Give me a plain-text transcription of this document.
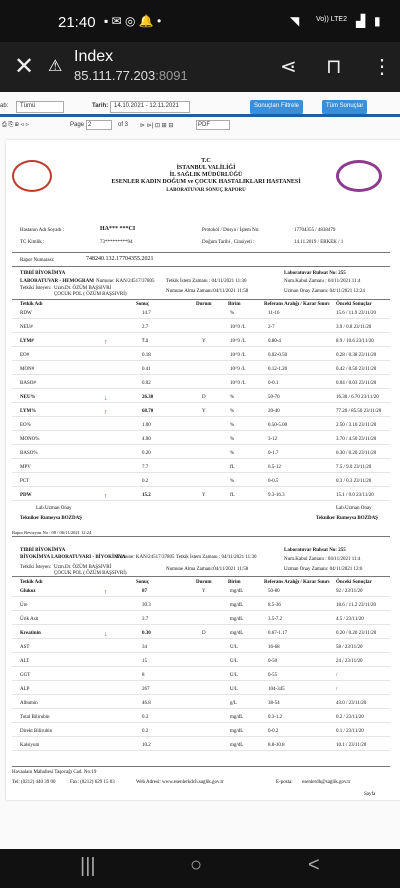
21:40 ▪ ✉ ◎ 🔔 •	◥ Vo)) LTE2 ▟ ▮
✕ ⚠
Index
85.111.77.203:8091	⋖ ⊓ ⋮
ab:	Tümü	Tarih: 14.10.2021 - 12.11.2021	Sonuçları Filtrele	Tüm Sonuçlar
⎙ ⎘ ⊞ ⊲ ⊳	Page 2	of 3 ⊳ ⊳| ⊡ ⊞ ⊟	PDF
T.C
İSTANBUL VALİLİĞİ
İL SAĞLIK MÜDÜRLÜĞÜ
ESENLER KADIN DOĞUM ve ÇOCUK HASTALIKLARI HASTANESİ
LABORATUVAR SONUÇ RAPORU
Hastanın Adı Soyadı :	HA*** ***CI
TC Kimlik :	73*********94
Protokol / Dosya / İşlem No:	17704355 / 4838479
Doğum Tarihi , Cinsiyeti :	14.11.2019 / ERKEK / 1
Rapor Numarası:	748240.132.17704355.2021
TIBBİ BİYOKİMYA
LABORATUVAR - HEMOGRAM Numune: KAN/24517/37805 Tetkik İstem Zamanı : 04/11/2021 11:30
Tetkiki İsteyen: Uzm.Dr. ÖZÜM BAŞSIVRİ
ÇOCUK POL ( ÖZÜM BAŞSIVRİ)
Numune Alma Zamanı:04/11/2021 11:58
Laboratuvar Ruhsat No: 255
Num.Kabul Zamanı : 04/11/2021 11:4
Uzman Onay Zamanı: 04/11/2021 12:24
Tetkik Adı	Sonuç	Durum	Birim	Referans Aralığı / Karar Sınırı Önceki Sonuçlar
RDW	14.7	%	11-16	15.6 / 11.9 23/11/20
NEU#	2.7	10^9 /L	2-7	3.9 / 0.8 23/11/20
LYM#	7.1	Y	10^9 /L	0.80-4	8.9 / 10.6 23/11/20
↑
EO#	0.18	10^9 /L	0.02-0.50	0.28 / 0.38 23/11/20
MON#	0.41	10^9 /L	0.12-1.20	0.42 / 0.56 23/11/20
BASO#	0.02	10^9 /L	0-0.1	0.04 / 0.03 23/11/20
NEU%	26.30	D	%	50-70	16.30 / 6.70 23/11/20
↓
LYM%	68.70	Y	%	20-40	77.20 / 85.50 23/11/20
↑
EO%	1.00	%	0.50-5.00	2.50 / 3.10 23/11/20
MONO%	4.00	%	3-12	3.70 / 4.50 23/11/20
BASO%	0.20	%	0-1.7	0.30 / 0.20 23/11/20
MPV	7.7	fL	6.5-12	7.5 / 9.0 23/11/20
PCT	0.2	%	0-0.5	0.3 / 0.3 23/11/20
PDW	15.2	Y	fL	9.3-16.3	15.1 / 9.0 23/11/20
↑
Lab.Uzman Onay
Tekniker Rumeysa BOZDAŞ
Lab.Uzman Onay
Tekniker Rumeysa BOZDAŞ
Rapor Revizyon No : 08 / 06/11/2021 12:24
TIBBİ BİYOKİMYA
BİYOKİMYA LABORATUVARI - BİYOKİMYA
Numune: KAN/24517/37805 Tetkik İstem Zamanı : 04/11/2021 11:30
Tetkiki İsteyen: Uzm.Dr. ÖZÜM BAŞSIVRİ
ÇOCUK POL ( ÖZÜM BAŞSIVRİ)
Numune Alma Zamanı:04/11/2021 11:58
Laboratuvar Ruhsat No: 255
Num.Kabul Zamanı : 04/11/2021 11:4
Uzman Onay Zamanı: 04/11/2021 12:0
Tetkik Adı	Sonuç	Durum	Birim	Referans Aralığı / Karar Sınırı Önceki Sonuçlar
Glukoz	87	Y	mg/dL	50-80	92 / 23/11/20
↑
Üre	30.3	mg/dL	8.5-36	18.6 / 11.2 23/11/20
Ürik Asit	3.7	mg/dL	3.5-7.2	4.5 / 23/11/20
Kreatinin	0.30	D	mg/dL	0.67-1.17	0.20 / 0.20 23/11/20
↓
AST	34	U/L	16-68	58 / 23/11/20
ALT	15	U/L	0-50	24 / 23/11/20
GGT	8	U/L	0-55	/
ALP	267	U/L	104-345	/
Albumin	46.8	g/L	38-54	43.0 / 23/11/20
Total Bilirubin	0.3	mg/dL	0.3-1.2	0.2 / 23/11/20
Direkt Bilirubin	0.2	mg/dL	0-0.2	0.1 / 23/11/20
Kalsiyum	10.2	mg/dL	8.8-10.8	10.1 / 23/11/20
Havaalanı Mahallesi Taşocağı Cad. No:19
Tel: (0212) 440 39 00	Fax: (0212) 629 15 03	Web Adresi: www.esenlerkdch.saglik.gov.tr	E-posta: esenlerdh@saglik.gov.tr
Sayfa
|||	○	<
